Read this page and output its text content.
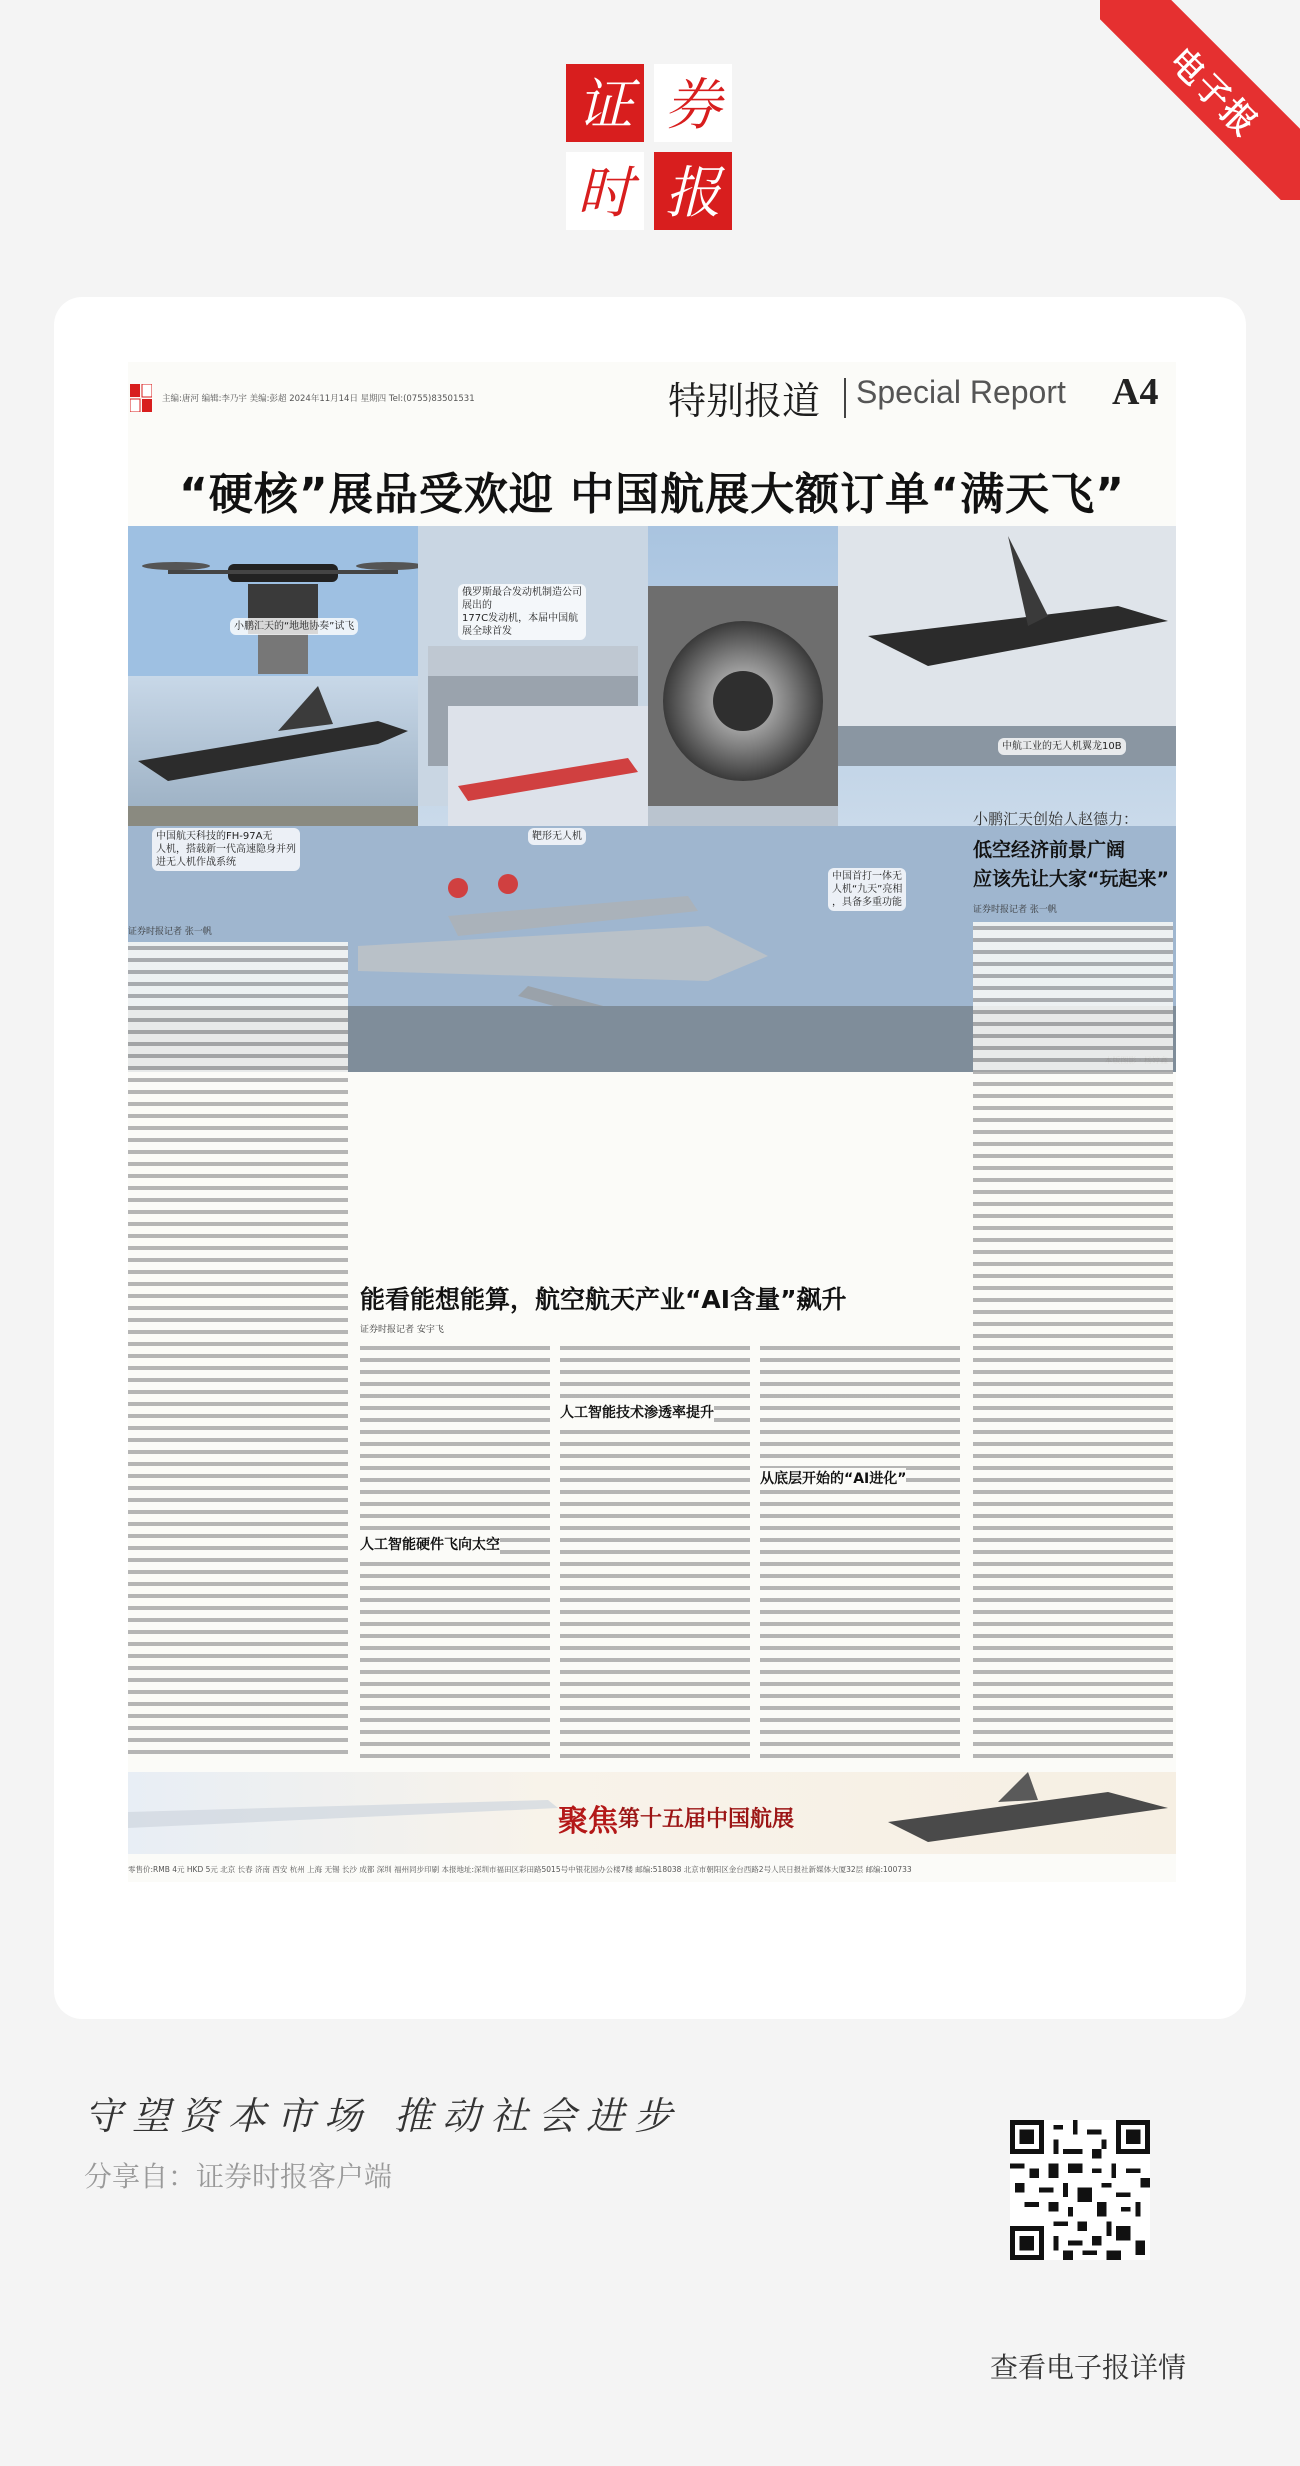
电子报
证 券
时 报
主编:唐河 编辑:李乃宇 美编:彭超 2024年11月14日 星期四 Tel:(0755)83501531	特别报道 Special Report A4
“硬核”展品受欢迎 中国航展大额订单“满天飞”
小鹏汇天的“地地协奏”试飞
俄罗斯最合发动机制造公司展出的
177C发动机，本届中国航展全球首发
中国航天科技的FH-97A无
人机，搭载新一代高速隐身并列
进无人机作战系统
中航工业的无人机翼龙10B
靶形无人机
中国首打一体无
人机“九天”亮相
，具备多重功能
小鹏汇天创始人赵德力：
低空经济前景广阔
应该先让大家“玩起来”
证券时报记者 张一帆
证券时报记者 安宇飞
证券时报记者 张一帆
能看能想能算，航空航天产业“AI含量”飙升
人工智能硬件飞向太空
人工智能技术渗透率提升
从底层开始的“AI进化”
聚焦 第十五届中国航展
零售价:RMB 4元 HKD 5元 北京 长春 济南 西安 杭州 上海 无锡 长沙 成都 深圳 福州同步印刷 本报地址:深圳市福田区彩田路5015号中银花园办公楼7楼 邮编:518038 北京市朝阳区金台西路2号人民日报社新媒体大厦32层 邮编:100733
守望资本市场 推动社会进步
分享自：证券时报客户端
查看电子报详情
